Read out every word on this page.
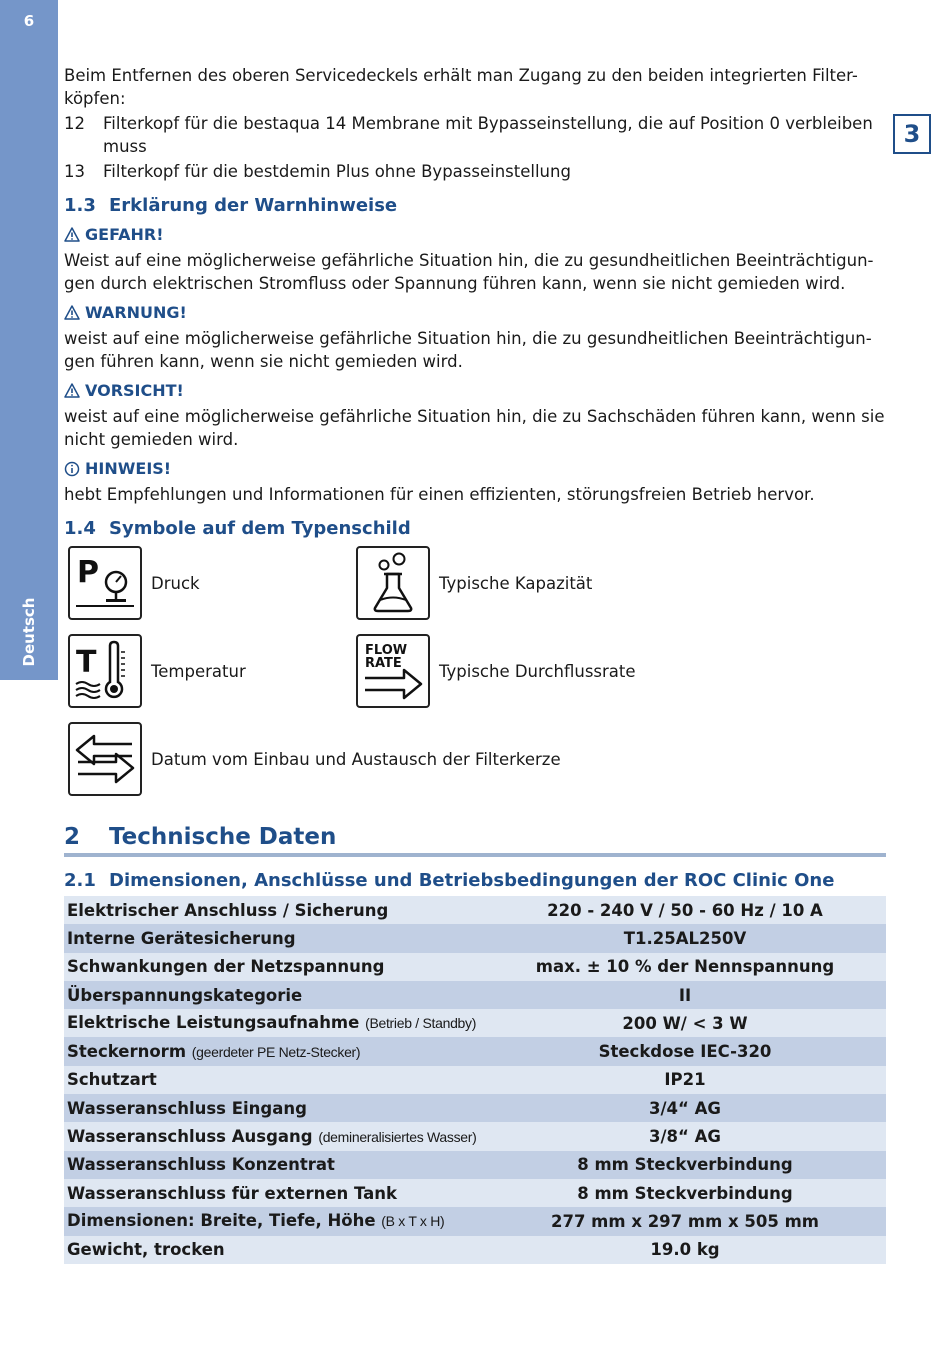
6
Deutsch
3

Beim Entfernen des oberen Servicedeckels erhält man Zugang zu den beiden integrierten Filter-köpfen:

12	Filterkopf für die bestaqua 14 Membrane mit Bypasseinstellung, die auf Position 0 verbleiben muss
13	Filterkopf für die bestdemin Plus ohne Bypasseinstellung
1.3 Erklärung der Warnhinweise
GEFAHR!

Weist auf eine möglicherweise gefährliche Situation hin, die zu gesundheitlichen Beeinträchtigun-gen durch elektrischen Stromfluss oder Spannung führen kann, wenn sie nicht gemieden wird.

WARNUNG!

weist auf eine möglicherweise gefährliche Situation hin, die zu gesundheitlichen Beeinträchtigun-gen führen kann, wenn sie nicht gemieden wird.

VORSICHT!

weist auf eine möglicherweise gefährliche Situation hin, die zu Sachschäden führen kann, wenn sie nicht gemieden wird.

HINWEIS!

hebt Empfehlungen und Informationen für einen effizienten, störungsfreien Betrieb hervor.

1.4 Symbole auf dem Typenschild
P	Druck	Typische Kapazität
T	Temperatur
FLOW
RATE Typische Durchflussrate
Datum vom Einbau und Austausch der Filterkerze
2	Technische Daten
2.1 Dimensionen, Anschlüsse und Betriebsbedingungen der ROC Clinic One
Elektrischer Anschluss / Sicherung	220 - 240 V / 50 - 60 Hz / 10 A
Interne Gerätesicherung	T1.25AL250V
Schwankungen der Netzspannung	max. ± 10 % der Nennspannung
Überspannungskategorie	II
Elektrische Leistungsaufnahme (Betrieb / Standby)	200 W/ < 3 W
Steckernorm (geerdeter PE Netz-Stecker)	Steckdose IEC-320
Schutzart	IP21
Wasseranschluss Eingang	3/4“ AG
Wasseranschluss Ausgang (demineralisiertes Wasser)	3/8“ AG
Wasseranschluss Konzentrat	8 mm Steckverbindung
Wasseranschluss für externen Tank	8 mm Steckverbindung
Dimensionen: Breite, Tiefe, Höhe (B x T x H)	277 mm x 297 mm x 505 mm
Gewicht, trocken	19.0 kg
